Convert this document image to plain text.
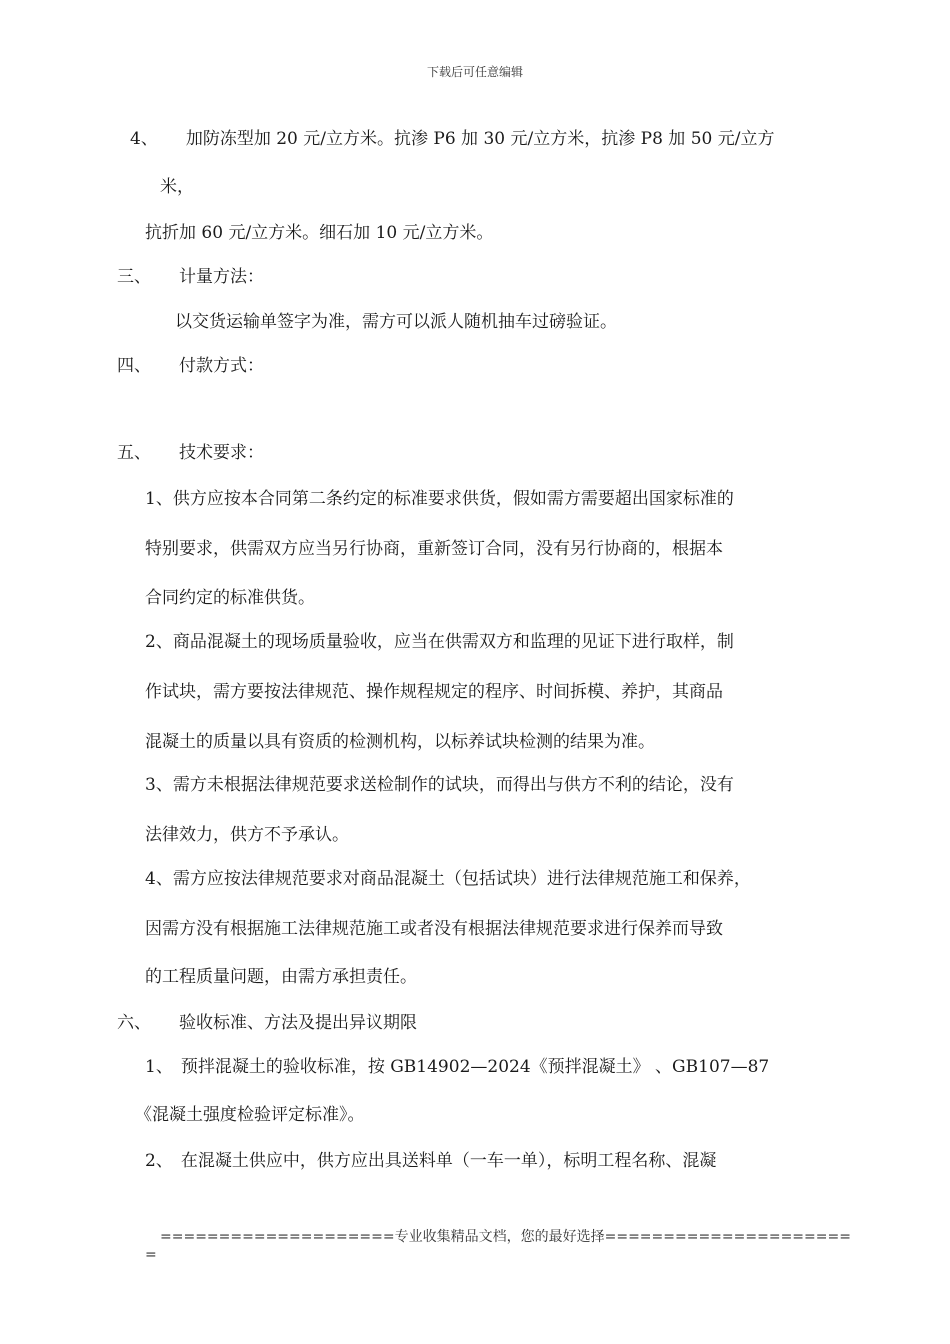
下载后可任意编辑
4、 加防冻型加 20 元/立方米。抗渗 P6 加 30 元/立方米，抗渗 P8 加 50 元/立方
米，
抗折加 60 元/立方米。细石加 10 元/立方米。
三、 计量方法：
以交货运输单签字为准，需方可以派人随机抽车过磅验证。
四、 付款方式：
五、 技术要求：
1、供方应按本合同第二条约定的标准要求供货，假如需方需要超出国家标准的
特别要求，供需双方应当另行协商，重新签订合同，没有另行协商的，根据本
合同约定的标准供货。
2、商品混凝土的现场质量验收，应当在供需双方和监理的见证下进行取样，制
作试块，需方要按法律规范、操作规程规定的程序、时间拆模、养护，其商品
混凝土的质量以具有资质的检测机构，以标养试块检测的结果为准。
3、需方未根据法律规范要求送检制作的试块，而得出与供方不利的结论，没有
法律效力，供方不予承认。
4、需方应按法律规范要求对商品混凝土（包括试块）进行法律规范施工和保养，
因需方没有根据施工法律规范施工或者没有根据法律规范要求进行保养而导致
的工程质量问题，由需方承担责任。
六、 验收标准、方法及提出异议期限
1、 预拌混凝土的验收标准，按 GB14902—2024《预拌混凝土》 、GB107—87
《混凝土强度检验评定标准》。
2、 在混凝土供应中，供方应出具送料单（一车一单），标明工程名称、混凝
====================专业收集精品文档，您的最好选择=====================
=
